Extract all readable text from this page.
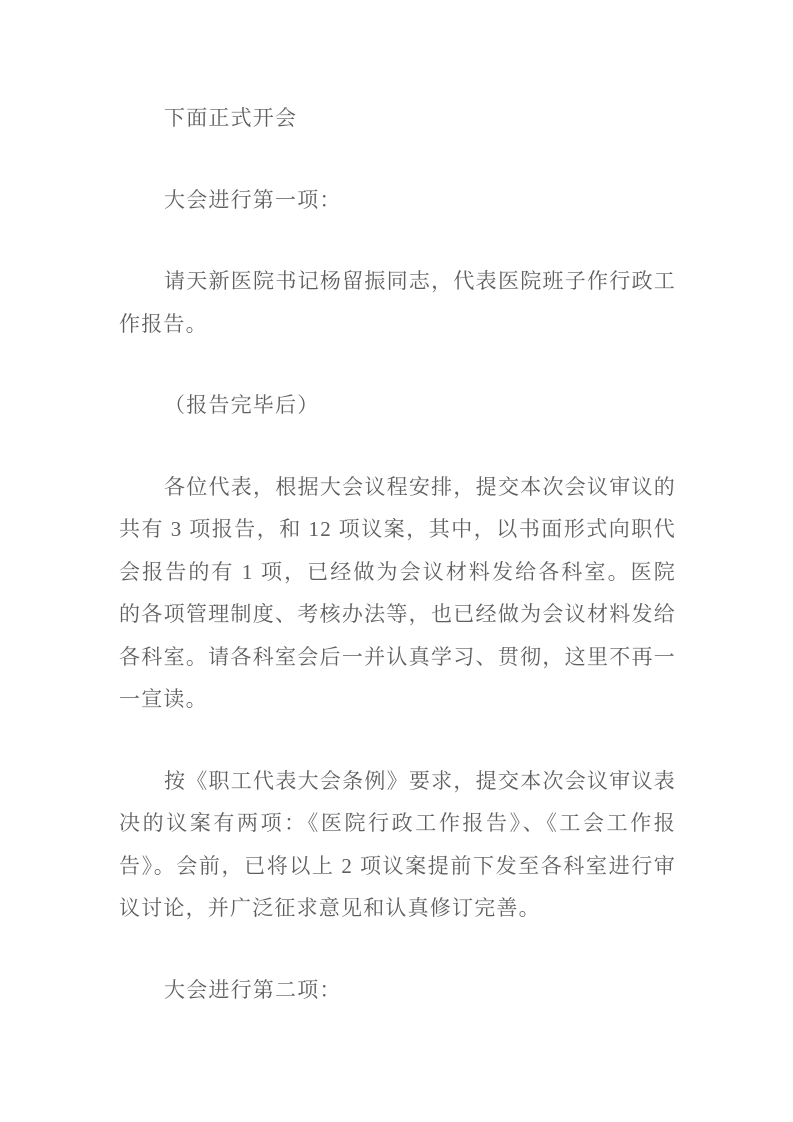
下面正式开会

大会进行第一项：

请天新医院书记杨留振同志，代表医院班子作行政工作报告。

（报告完毕后）

各位代表，根据大会议程安排，提交本次会议审议的共有 3 项报告，和 12 项议案，其中，以书面形式向职代会报告的有 1 项，已经做为会议材料发给各科室。医院的各项管理制度、考核办法等，也已经做为会议材料发给各科室。请各科室会后一并认真学习、贯彻，这里不再一一宣读。

按《职工代表大会条例》要求，提交本次会议审议表决的议案有两项：《医院行政工作报告》、《工会工作报告》。会前，已将以上 2 项议案提前下发至各科室进行审议讨论，并广泛征求意见和认真修订完善。

大会进行第二项：
